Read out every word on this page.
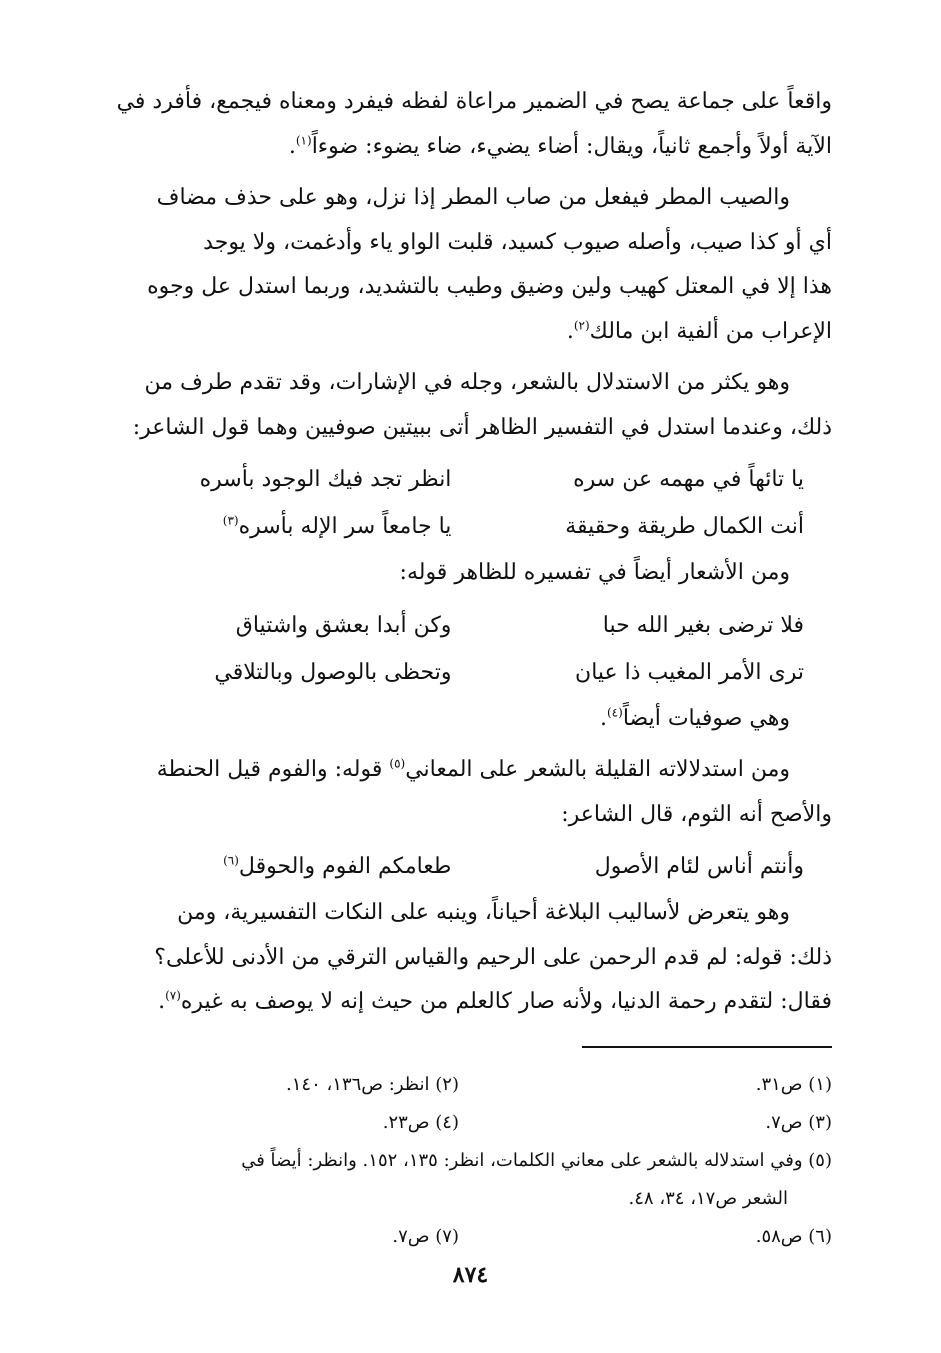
واقعاً على جماعة يصح في الضمير مراعاة لفظه فيفرد ومعناه فيجمع، فأفرد في
الآية أولاً وأجمع ثانياً، ويقال: أضاء يضيء، ضاء يضوء: ضوءاً$^{(١)}$.

والصيب المطر فيفعل من صاب المطر إذا نزل، وهو على حذف مضاف
أي أو كذا صيب، وأصله صيوب كسيد، قلبت الواو ياء وأدغمت، ولا يوجد
هذا إلا في المعتل كهيب ولين وضيق وطيب بالتشديد، وربما استدل عل وجوه
الإعراب من ألفية ابن مالك$^{(٢)}$.

وهو يكثر من الاستدلال بالشعر، وجله في الإشارات، وقد تقدم طرف من
ذلك، وعندما استدل في التفسير الظاهر أتى ببيتين صوفيين وهما قول الشاعر:

يا تائهاً في مهمه عن سره
انظر تجد فيك الوجود بأسره
أنت الكمال طريقة وحقيقة
يا جامعاً سر الإله بأسره$^{(٣)}$

ومن الأشعار أيضاً في تفسيره للظاهر قوله:

فلا ترضى بغير الله حبا
وكن أبدا بعشق واشتياق
ترى الأمر المغيب ذا عيان
وتحظى بالوصول وبالتلاقي

وهي صوفيات أيضاً$^{(٤)}$.

ومن استدلالاته القليلة بالشعر على المعاني$^{(٥)}$ قوله: والفوم قيل الحنطة
والأصح أنه الثوم، قال الشاعر:

وأنتم أناس لئام الأصول
طعامكم الفوم والحوقل$^{(٦)}$

وهو يتعرض لأساليب البلاغة أحياناً، وينبه على النكات التفسيرية، ومن
ذلك: قوله: لم قدم الرحمن على الرحيم والقياس الترقي من الأدنى للأعلى؟
فقال: لتقدم رحمة الدنيا، ولأنه صار كالعلم من حيث إنه لا يوصف به غيره$^{(٧)}$.

(١) ص٣١.
(٢) انظر: ص١٣٦، ١٤٠.
(٣) ص٧.
(٤) ص٢٣.
(٥) وفي استدلاله بالشعر على معاني الكلمات، انظر: ١٣٥، ١٥٢. وانظر: أيضاً في
الشعر ص١٧، ٣٤، ٤٨.
(٦) ص٥٨.
(٧) ص٧.
٨٧٤
